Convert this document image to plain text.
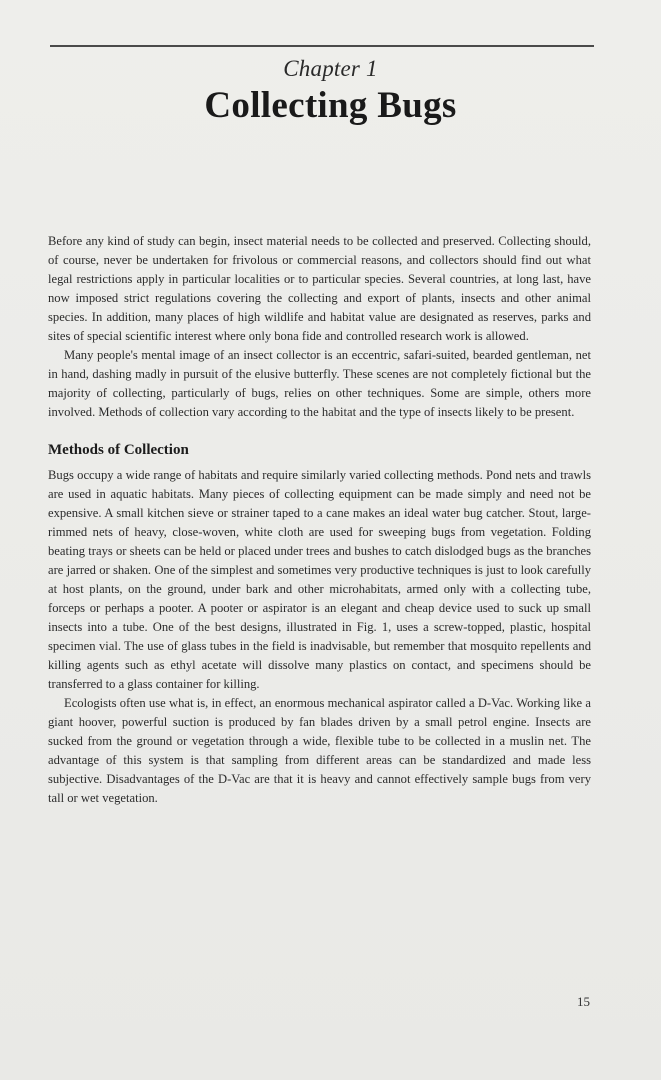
Chapter 1
Collecting Bugs

Before any kind of study can begin, insect material needs to be collected and preserved. Collecting should, of course, never be undertaken for frivolous or commercial reasons, and collectors should find out what legal restrictions apply in particular localities or to particular species. Several countries, at long last, have now imposed strict regulations covering the collecting and export of plants, insects and other animal species. In addition, many places of high wildlife and habitat value are designated as reserves, parks and sites of special scientific interest where only bona fide and controlled research work is allowed.

Many people's mental image of an insect collector is an eccentric, safari-suited, bearded gentleman, net in hand, dashing madly in pursuit of the elusive butterfly. These scenes are not completely fictional but the majority of collecting, particularly of bugs, relies on other techniques. Some are simple, others more involved. Methods of collection vary according to the habitat and the type of insects likely to be present.

Methods of Collection

Bugs occupy a wide range of habitats and require similarly varied collecting methods. Pond nets and trawls are used in aquatic habitats. Many pieces of collecting equipment can be made simply and need not be expensive. A small kitchen sieve or strainer taped to a cane makes an ideal water bug catcher. Stout, large-rimmed nets of heavy, close-woven, white cloth are used for sweeping bugs from vegetation. Folding beating trays or sheets can be held or placed under trees and bushes to catch dislodged bugs as the branches are jarred or shaken. One of the simplest and sometimes very productive techniques is just to look carefully at host plants, on the ground, under bark and other microhabitats, armed only with a collecting tube, forceps or perhaps a pooter. A pooter or aspirator is an elegant and cheap device used to suck up small insects into a tube. One of the best designs, illustrated in Fig. 1, uses a screw-topped, plastic, hospital specimen vial. The use of glass tubes in the field is inadvisable, but remember that mosquito repellents and killing agents such as ethyl acetate will dissolve many plastics on contact, and specimens should be transferred to a glass container for killing.

Ecologists often use what is, in effect, an enormous mechanical aspirator called a D-Vac. Working like a giant hoover, powerful suction is produced by fan blades driven by a small petrol engine. Insects are sucked from the ground or vegetation through a wide, flexible tube to be collected in a muslin net. The advantage of this system is that sampling from different areas can be standardized and made less subjective. Disadvantages of the D-Vac are that it is heavy and cannot effectively sample bugs from very tall or wet vegetation.

15
